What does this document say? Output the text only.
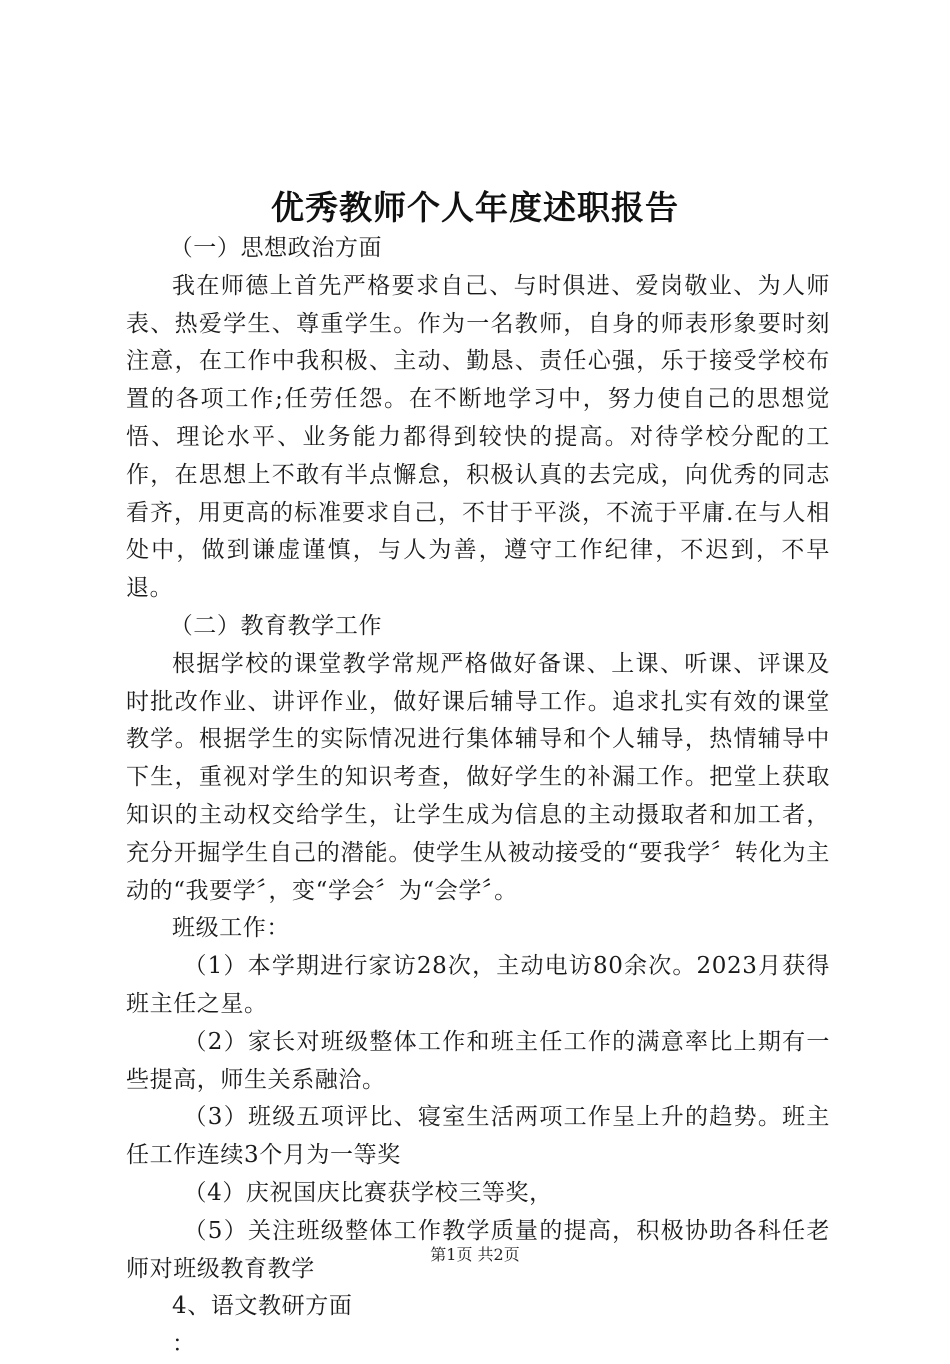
优秀教师个人年度述职报告

（一）思想政治方面

我在师德上首先严格要求自己、与时俱进、爱岗敬业、为人师表、热爱学生、尊重学生。作为一名教师，自身的师表形象要时刻注意，在工作中我积极、主动、勤恳、责任心强，乐于接受学校布置的各项工作;任劳任怨。在不断地学习中，努力使自己的思想觉悟、理论水平、业务能力都得到较快的提高。对待学校分配的工作，在思想上不敢有半点懈怠，积极认真的去完成，向优秀的同志看齐，用更高的标准要求自己，不甘于平淡，不流于平庸.在与人相处中，做到谦虚谨慎，与人为善，遵守工作纪律，不迟到，不早退。

（二）教育教学工作

根据学校的课堂教学常规严格做好备课、上课、听课、评课及时批改作业、讲评作业，做好课后辅导工作。追求扎实有效的课堂教学。根据学生的实际情况进行集体辅导和个人辅导，热情辅导中下生，重视对学生的知识考查，做好学生的补漏工作。把堂上获取知识的主动权交给学生，让学生成为信息的主动摄取者和加工者，充分开掘学生自己的潜能。使学生从被动接受的“要我学〞转化为主动的“我要学〞，变“学会〞为“会学〞。

班级工作：

（1）本学期进行家访28次，主动电访80余次。2023月获得班主任之星。

（2）家长对班级整体工作和班主任工作的满意率比上期有一些提高，师生关系融洽。

（3）班级五项评比、寝室生活两项工作呈上升的趋势。班主任工作连续3个月为一等奖

（4）庆祝国庆比赛获学校三等奖，

（5）关注班级整体工作教学质量的提高，积极协助各科任老师对班级教育教学

4、语文教研方面

：

第1页 共2页
